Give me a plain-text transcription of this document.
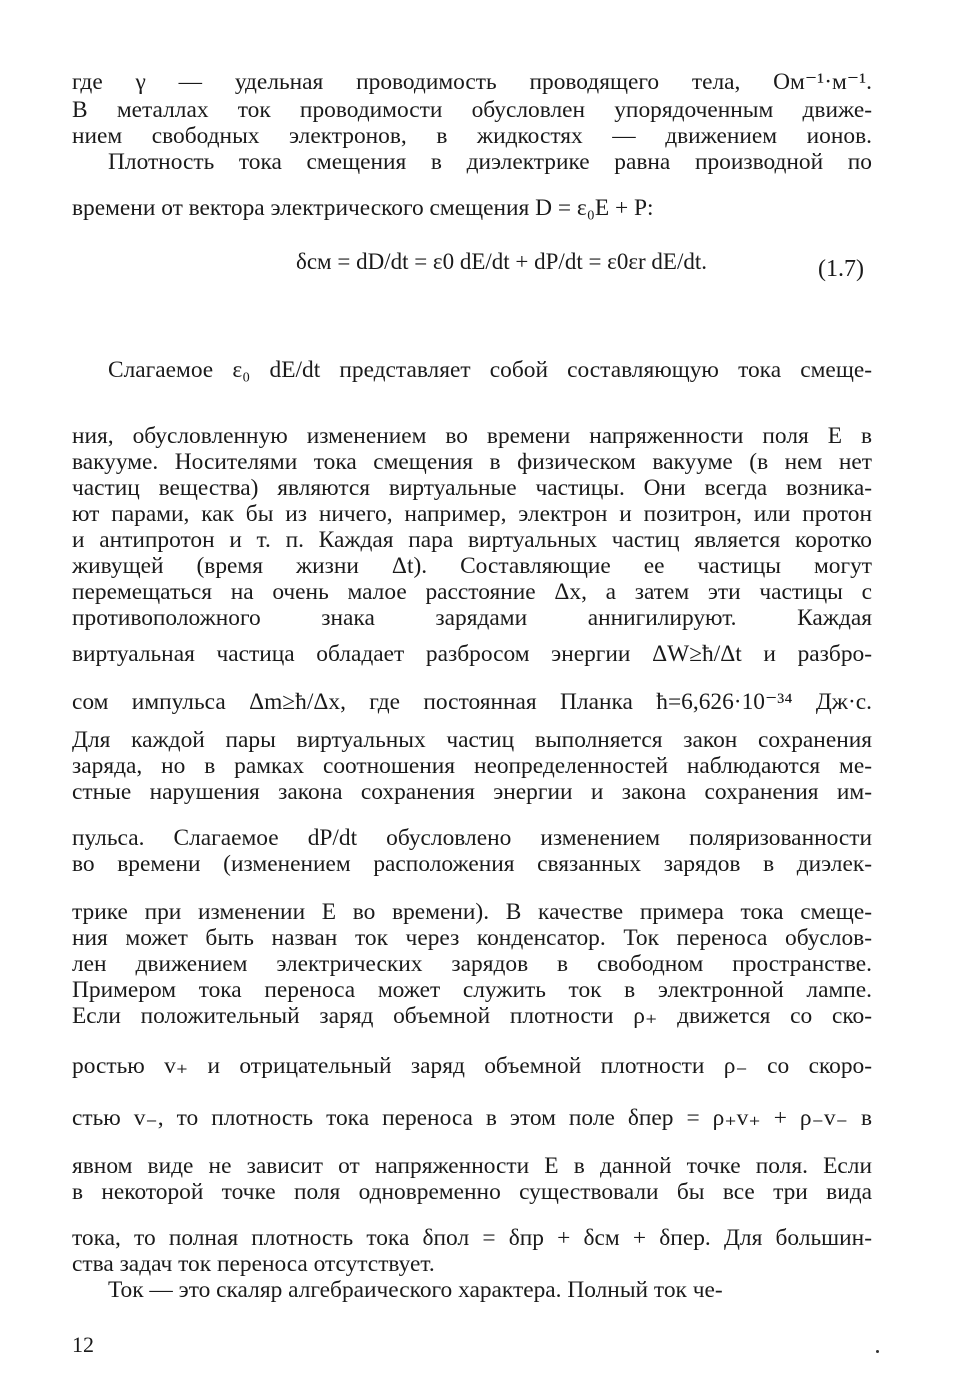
где γ — удельная проводимость проводящего тела, Ом⁻¹·м⁻¹.
В металлах ток проводимости обусловлен упорядоченным движе-
нием свободных электронов, в жидкостях — движением ионов.
Плотность тока смещения в диэлектрике равна производной по
времени от вектора электрического смещения D = ε₀E + P:
δсм = dD/dt = ε0 dE/dt + dP/dt = ε0εr dE/dt.	(1.7)
Слагаемое ε₀ dE/dt представляет собой составляющую тока смеще-
ния, обусловленную изменением во времени напряженности поля E в
вакууме. Носителями тока смещения в физическом вакууме (в нем нет
частиц вещества) являются виртуальные частицы. Они всегда возника-
ют парами, как бы из ничего, например, электрон и позитрон, или протон
и антипротон и т. п. Каждая пара виртуальных частиц является коротко
живущей (время жизни Δt). Составляющие ее частицы могут
перемещаться на очень малое расстояние Δx, а затем эти частицы с
противоположного знака зарядами аннигилируют. Каждая
виртуальная частица обладает разбросом энергии ΔW≥ħ/Δt и разбро-
сом импульса Δm≥ħ/Δx, где постоянная Планка ħ=6,626·10⁻³⁴ Дж·с.
Для каждой пары виртуальных частиц выполняется закон сохранения
заряда, но в рамках соотношения неопределенностей наблюдаются ме-
стные нарушения закона сохранения энергии и закона сохранения им-
пульса. Слагаемое dP/dt обусловлено изменением поляризованности
во времени (изменением расположения связанных зарядов в диэлек-
трике при изменении E во времени). В качестве примера тока смеще-
ния может быть назван ток через конденсатор. Ток переноса обуслов-
лен движением электрических зарядов в свободном пространстве.
Примером тока переноса может служить ток в электронной лампе.
Если положительный заряд объемной плотности ρ₊ движется со ско-
ростью v₊ и отрицательный заряд объемной плотности ρ₋ со скоро-
стью v₋, то плотность тока переноса в этом поле δпер = ρ₊v₊ + ρ₋v₋ в
явном виде не зависит от напряженности E в данной точке поля. Если
в некоторой точке поля одновременно существовали бы все три вида
тока, то полная плотность тока δпол = δпр + δсм + δпер. Для большин-
ства задач ток переноса отсутствует.
Ток — это скаляр алгебраического характера. Полный ток че-
12
